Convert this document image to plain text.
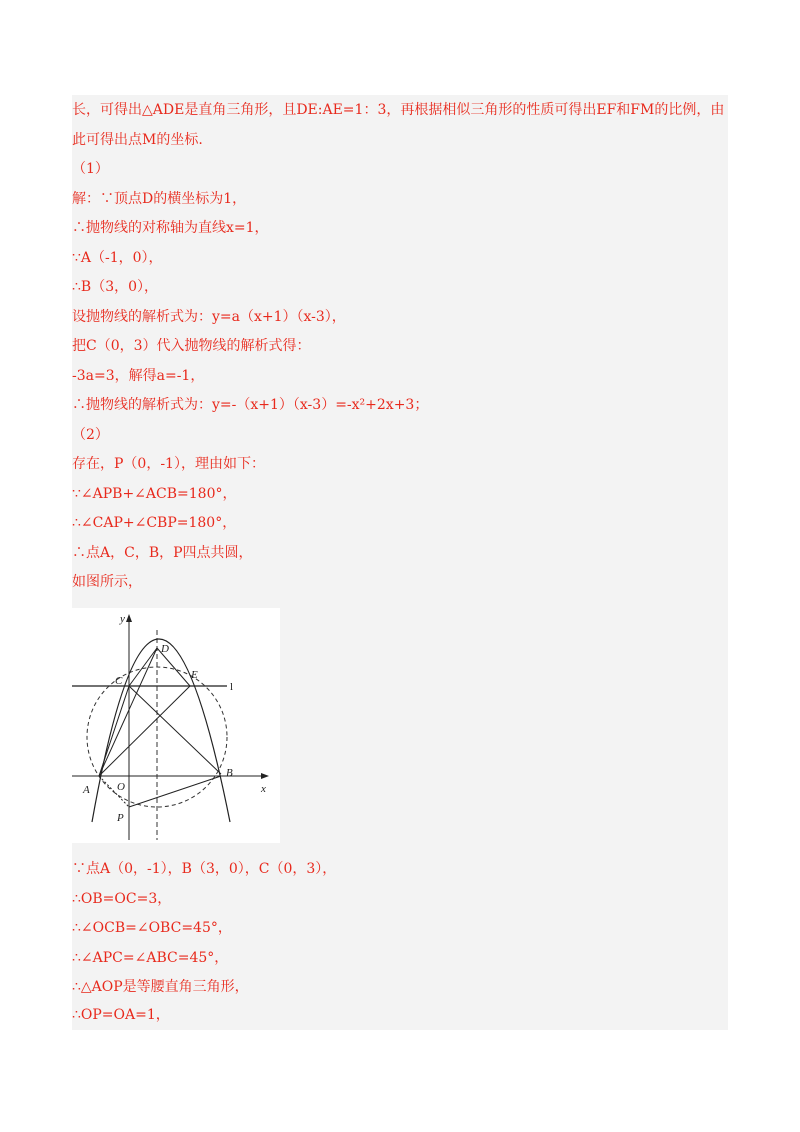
长，可得出△ADE是直角三角形，且DE:AE=1：3，再根据相似三角形的性质可得出EF和FM的比例，由
此可得出点M的坐标.
（1）
解：∵顶点D的横坐标为1，
∴抛物线的对称轴为直线x=1，
∵A（-1，0），
∴B（3，0），
设抛物线的解析式为：y=a（x+1）（x-3），
把C（0，3）代入抛物线的解析式得：
-3a=3，解得a=-1，
∴抛物线的解析式为：y=-（x+1）（x-3）=-x²+2x+3；
（2）
存在，P（0，-1），理由如下：
∵∠APB+∠ACB=180°，
∴∠CAP+∠CBP=180°，
∴点A，C，B，P四点共圆，
如图所示，
y
D
C	E
l
B
A O	x
P
∵点A（0，-1），B（3，0），C（0，3），
∴OB=OC=3，
∴∠OCB=∠OBC=45°，
∴∠APC=∠ABC=45°，
∴△AOP是等腰直角三角形，
∴OP=OA=1，
